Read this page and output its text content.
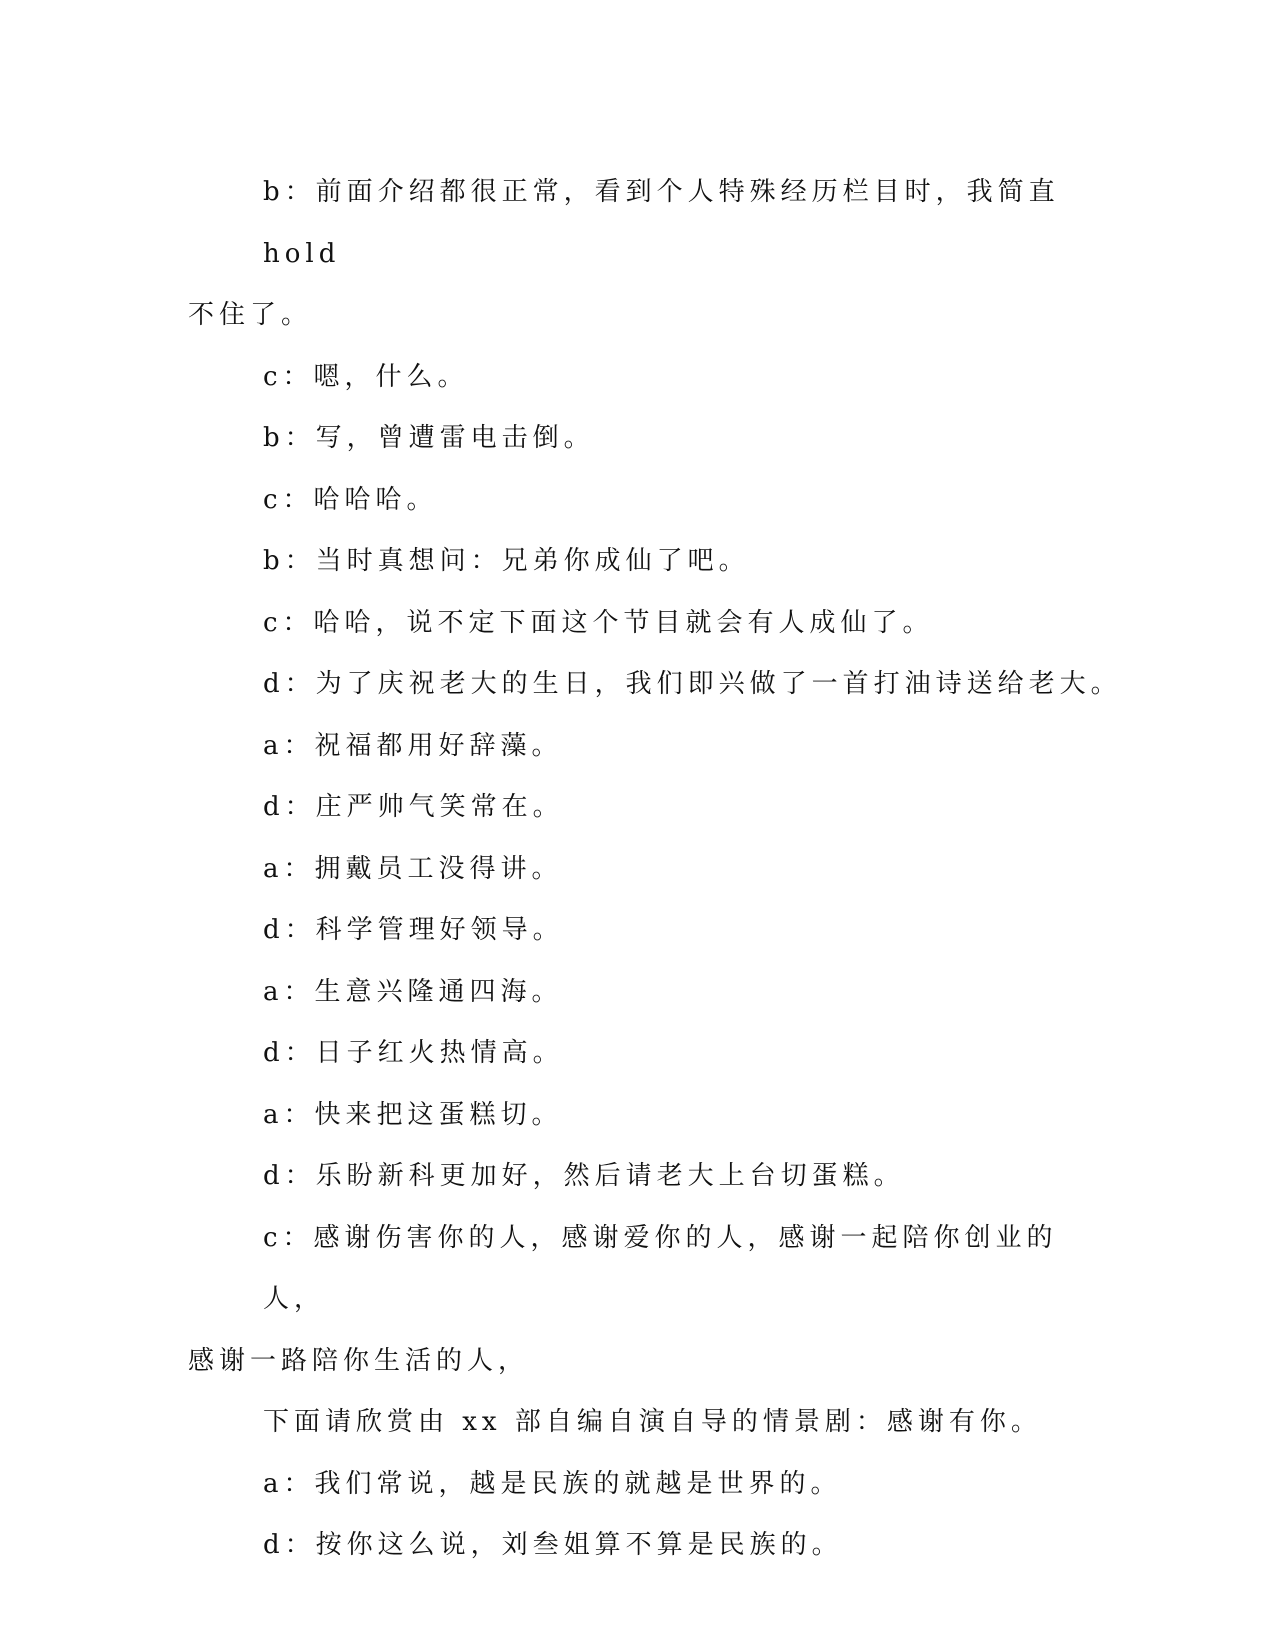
b：前面介绍都很正常，看到个人特殊经历栏目时，我简直 hold
不住了。

c：嗯，什么。

b：写，曾遭雷电击倒。

c：哈哈哈。

b：当时真想问：兄弟你成仙了吧。

c：哈哈，说不定下面这个节目就会有人成仙了。

d：为了庆祝老大的生日，我们即兴做了一首打油诗送给老大。

a：祝福都用好辞藻。

d：庄严帅气笑常在。

a：拥戴员工没得讲。

d：科学管理好领导。

a：生意兴隆通四海。

d：日子红火热情高。

a：快来把这蛋糕切。

d：乐盼新科更加好，然后请老大上台切蛋糕。

c：感谢伤害你的人，感谢爱你的人，感谢一起陪你创业的人，
感谢一路陪你生活的人，

下面请欣赏由 xx 部自编自演自导的情景剧：感谢有你。

a：我们常说，越是民族的就越是世界的。

d：按你这么说，刘叁姐算不算是民族的。
